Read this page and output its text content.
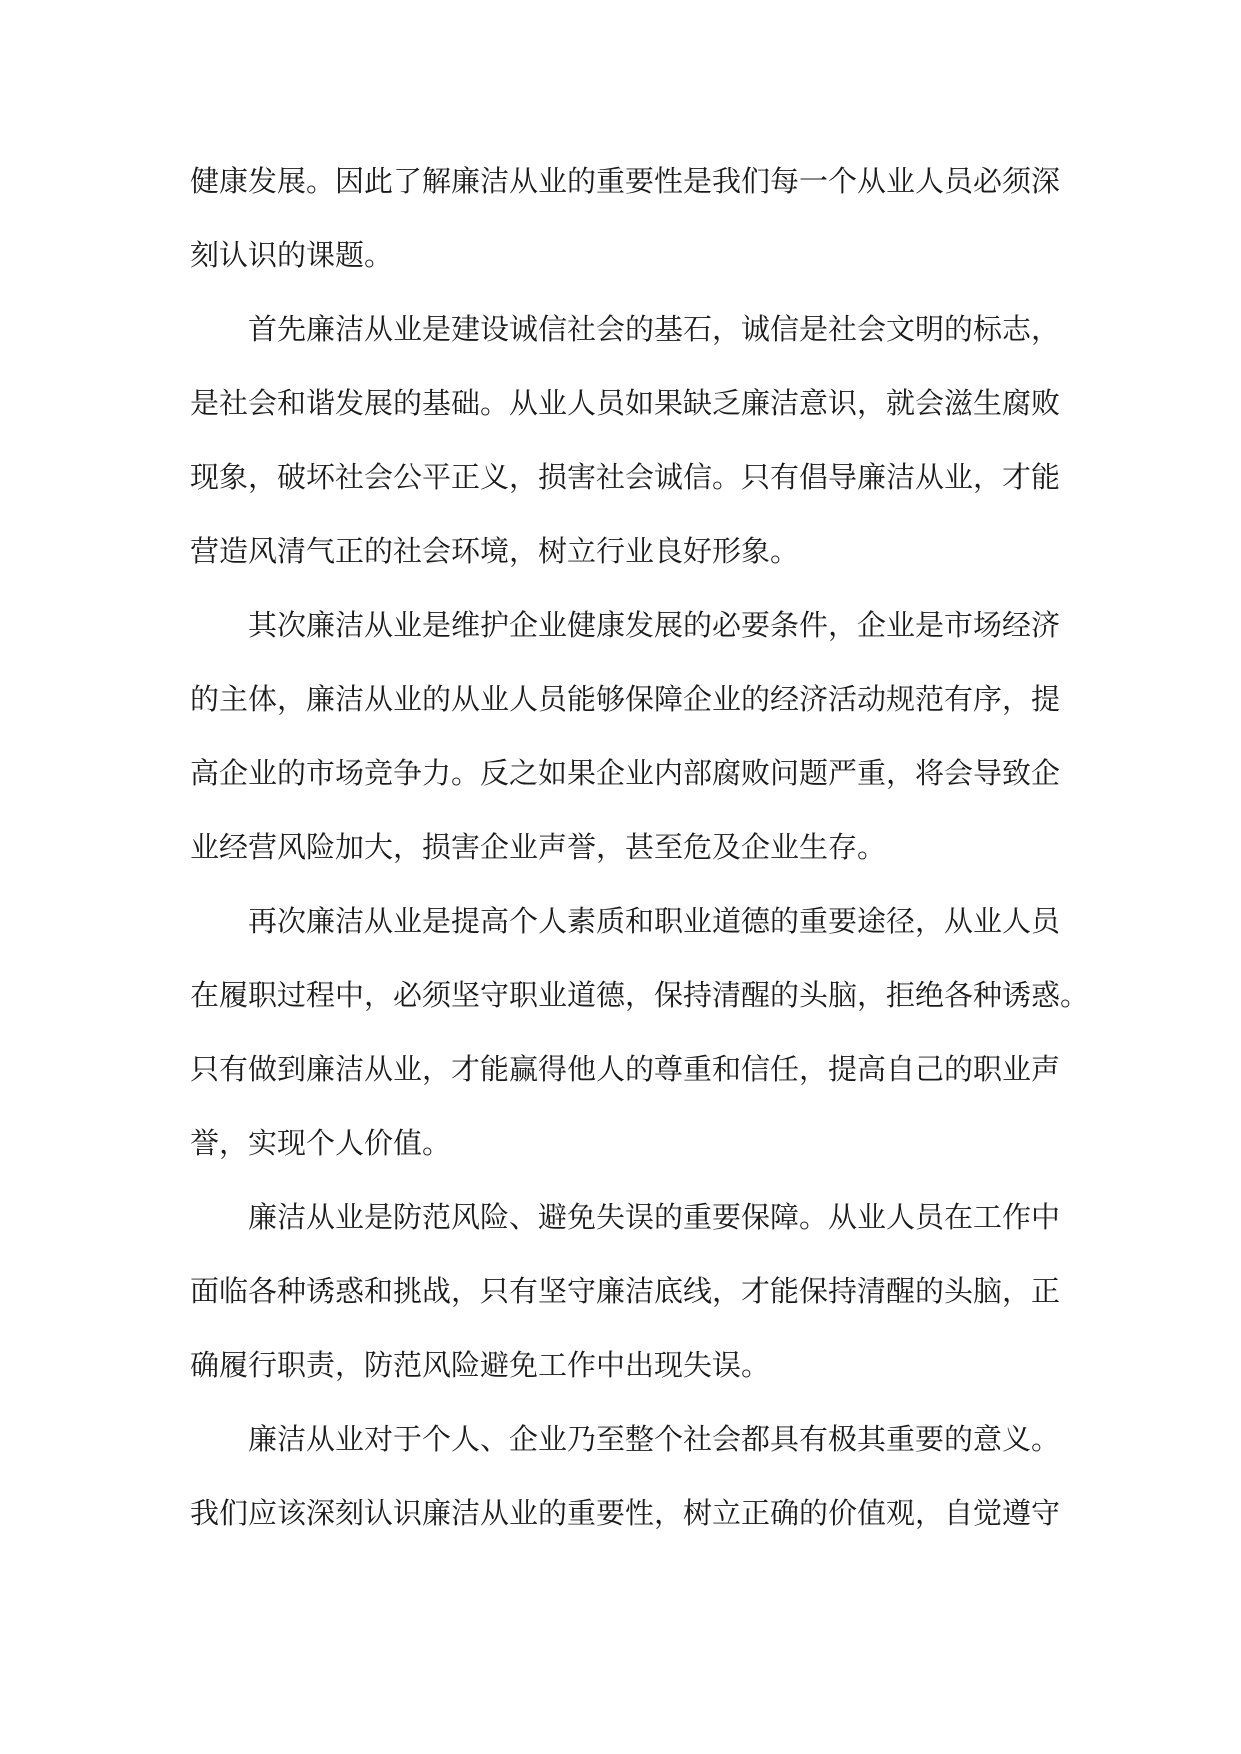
健康发展。因此了解廉洁从业的重要性是我们每一个从业人员必须深
刻认识的课题。
首先廉洁从业是建设诚信社会的基石，诚信是社会文明的标志，
是社会和谐发展的基础。从业人员如果缺乏廉洁意识，就会滋生腐败
现象，破坏社会公平正义，损害社会诚信。只有倡导廉洁从业，才能
营造风清气正的社会环境，树立行业良好形象。
其次廉洁从业是维护企业健康发展的必要条件，企业是市场经济
的主体，廉洁从业的从业人员能够保障企业的经济活动规范有序，提
高企业的市场竞争力。反之如果企业内部腐败问题严重，将会导致企
业经营风险加大，损害企业声誉，甚至危及企业生存。
再次廉洁从业是提高个人素质和职业道德的重要途径，从业人员
在履职过程中，必须坚守职业道德，保持清醒的头脑，拒绝各种诱惑。
只有做到廉洁从业，才能赢得他人的尊重和信任，提高自己的职业声
誉，实现个人价值。
廉洁从业是防范风险、避免失误的重要保障。从业人员在工作中
面临各种诱惑和挑战，只有坚守廉洁底线，才能保持清醒的头脑，正
确履行职责，防范风险避免工作中出现失误。
廉洁从业对于个人、企业乃至整个社会都具有极其重要的意义。
我们应该深刻认识廉洁从业的重要性，树立正确的价值观，自觉遵守
